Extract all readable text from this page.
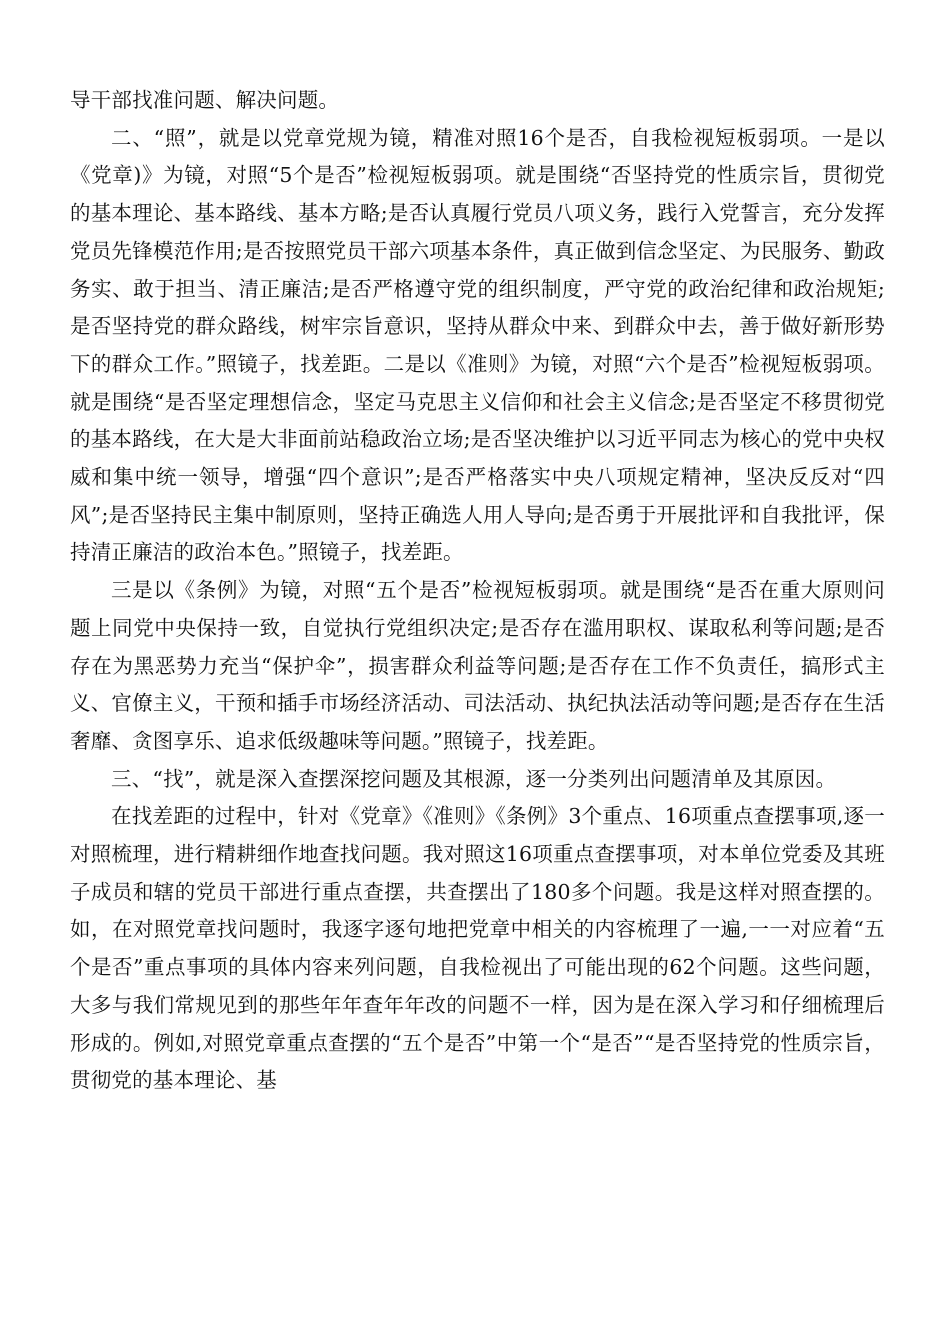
导干部找准问题、解决问题。

二、“照”，就是以党章党规为镜，精准对照16个是否，自我检视短板弱项。一是以《党章)》为镜，对照“5个是否”检视短板弱项。就是围绕“否坚持党的性质宗旨，贯彻党的基本理论、基本路线、基本方略;是否认真履行党员八项义务，践行入党誓言，充分发挥党员先锋模范作用;是否按照党员干部六项基本条件，真正做到信念坚定、为民服务、勤政务实、敢于担当、清正廉洁;是否严格遵守党的组织制度，严守党的政治纪律和政治规矩;是否坚持党的群众路线，树牢宗旨意识，坚持从群众中来、到群众中去，善于做好新形势下的群众工作。”照镜子，找差距。二是以《准则》为镜，对照“六个是否”检视短板弱项。就是围绕“是否坚定理想信念，坚定马克思主义信仰和社会主义信念;是否坚定不移贯彻党的基本路线，在大是大非面前站稳政治立场;是否坚决维护以习近平同志为核心的党中央权威和集中统一领导，增强“四个意识”;是否严格落实中央八项规定精神，坚决反反对“四风”;是否坚持民主集中制原则，坚持正确选人用人导向;是否勇于开展批评和自我批评，保持清正廉洁的政治本色。”照镜子，找差距。

三是以《条例》为镜，对照“五个是否”检视短板弱项。就是围绕“是否在重大原则问题上同党中央保持一致，自觉执行党组织决定;是否存在滥用职权、谋取私利等问题;是否存在为黑恶势力充当“保护伞”，损害群众利益等问题;是否存在工作不负责任，搞形式主义、官僚主义，干预和插手市场经济活动、司法活动、执纪执法活动等问题;是否存在生活奢靡、贪图享乐、追求低级趣味等问题。”照镜子，找差距。

三、“找”，就是深入查摆深挖问题及其根源，逐一分类列出问题清单及其原因。

在找差距的过程中，针对《党章》《准则》《条例》3个重点、16项重点查摆事项,逐一对照梳理，进行精耕细作地查找问题。我对照这16项重点查摆事项，对本单位党委及其班子成员和辖的党员干部进行重点查摆，共查摆出了180多个问题。我是这样对照查摆的。如，在对照党章找问题时，我逐字逐句地把党章中相关的内容梳理了一遍,一一对应着“五个是否”重点事项的具体内容来列问题，自我检视出了可能出现的62个问题。这些问题，大多与我们常规见到的那些年年查年年改的问题不一样，因为是在深入学习和仔细梳理后形成的。例如,对照党章重点查摆的“五个是否”中第一个“是否”“是否坚持党的性质宗旨，贯彻党的基本理论、基
